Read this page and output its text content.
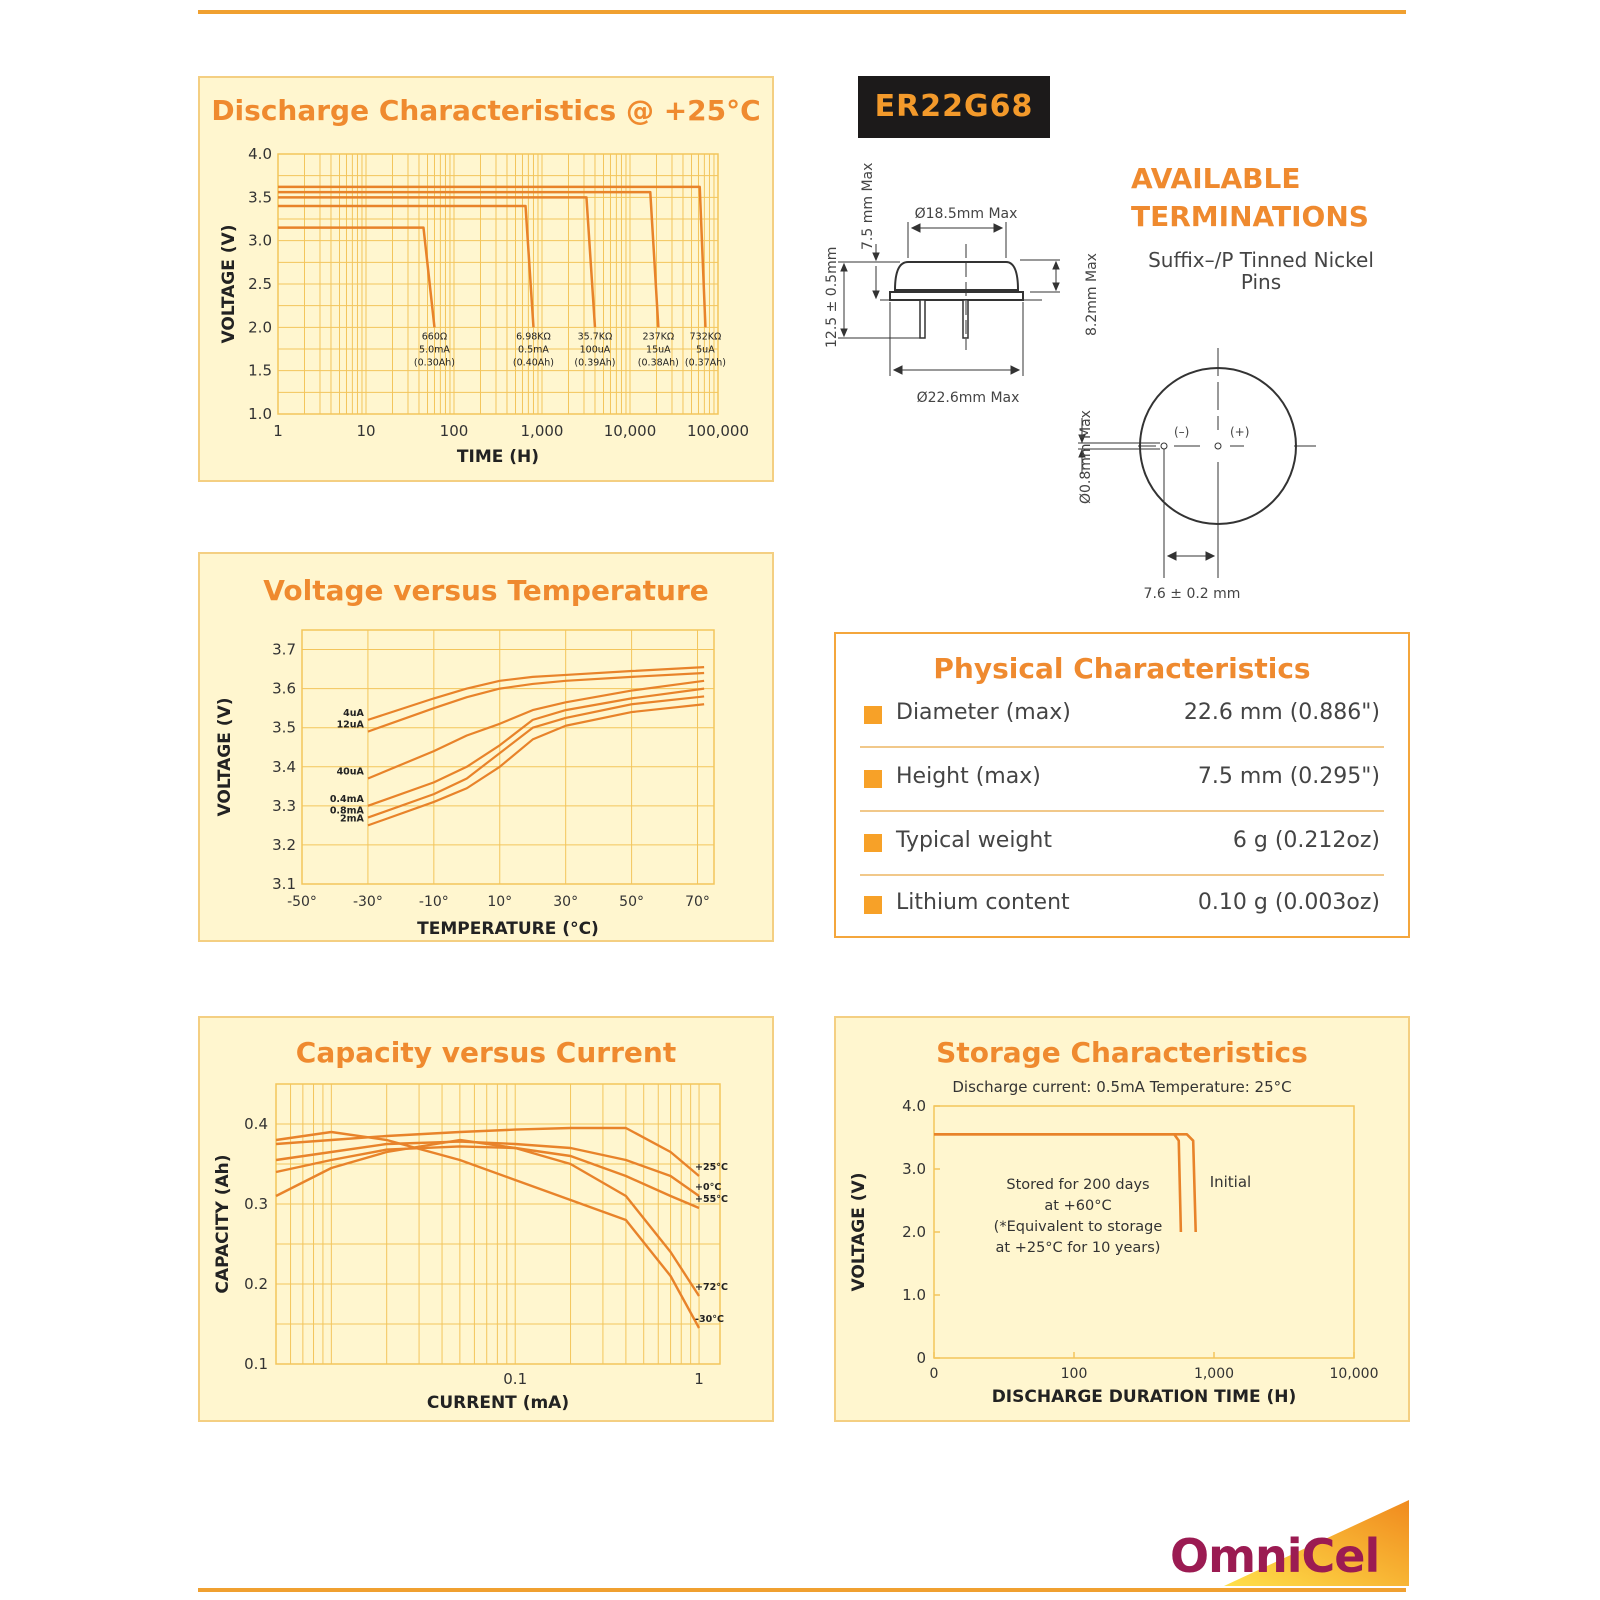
Discharge Characteristics @ +25°C
1	10	100	1,000	10,000 100,000
1.0
1.5
2.0
2.5
3.0
3.5
4.0
TIME (H)
VOLTAGE (V)	660Ω
5.0mA
(0.30Ah)
6.98KΩ
0.5mA
(0.40Ah)
35.7KΩ
100uA
(0.39Ah)
237KΩ
15uA
(0.38Ah)
732KΩ
5uA
(0.37Ah)
Voltage versus Temperature
-50°	-30°	-10°	10°	30°	50°	70°
3.1
3.2
3.3
3.4
3.5
3.6
3.7
TEMPERATURE (°C)
VOLTAGE (V)	4uA
12uA
40uA
0.4mA
0.8mA
2mA
Capacity versus Current
0.1	1
0.1
0.2
0.3
0.4
CURRENT (mA)
CAPACITY (Ah)	+25°C
+0°C
+55°C
+72°C
-30°C
Storage Characteristics
Discharge current: 0.5mA Temperature: 25°C
0	100	1,000	10,000
0
1.0
2.0
3.0
4.0
DISCHARGE DURATION TIME (H)
VOLTAGE (V)	Initial
Stored for 200 days
at +60°C
(*Equivalent to storage
at +25°C for 10 years)
ER22G68
AVAILABLE
TERMINATIONS
Suffix–/P Tinned Nickel
Pins
Ø18.5mm Max
Ø22.6mm Max
7.5 mm Max
12.5 ± 0.5mm	8.2mm Max
Ø0.8mm Max
7.6 ± 0.2 mm
(–)	(+)
Physical Characteristics
Diameter (max)	22.6 mm (0.886")
Height (max)	7.5 mm (0.295")
Typical weight	6 g (0.212oz)
Lithium content	0.10 g (0.003oz)
OmniCel
